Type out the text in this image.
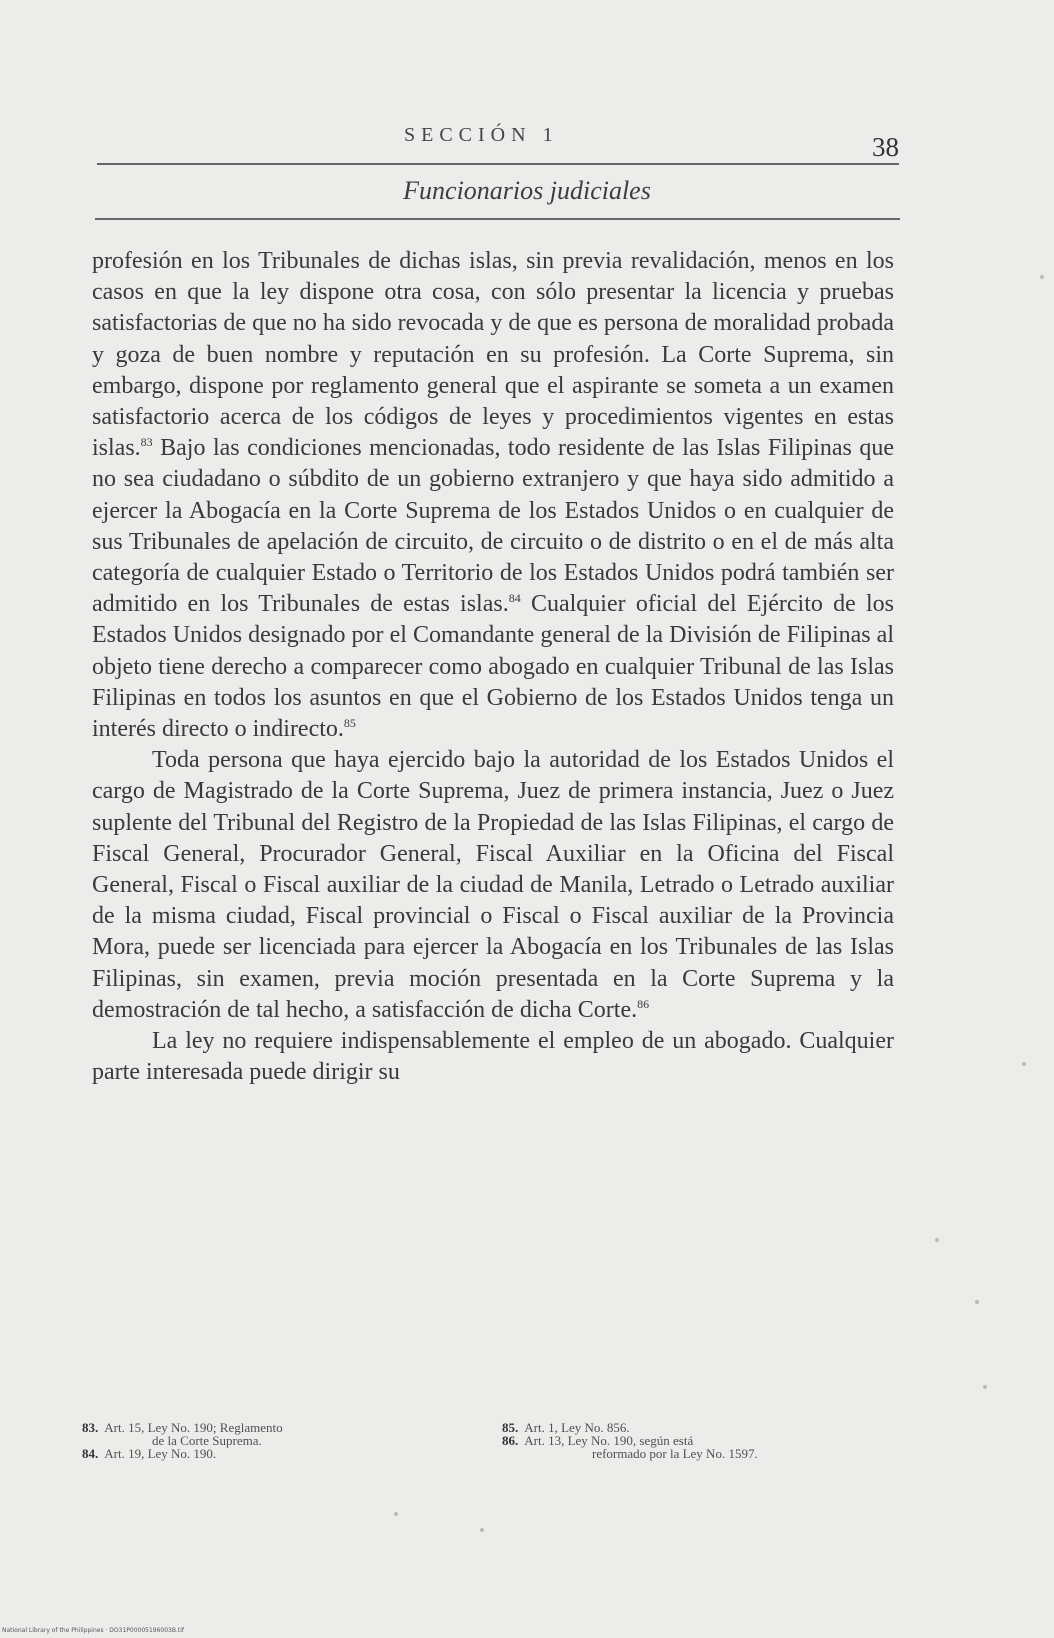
SECCIÓN 1	38
Funcionarios judiciales

profesión en los Tribunales de dichas islas, sin previa revalidación, menos en los casos en que la ley dispone otra cosa, con sólo presentar la licencia y pruebas satisfactorias de que no ha sido revocada y de que es persona de moralidad probada y goza de buen nombre y reputación en su profesión. La Corte Suprema, sin embargo, dispone por reglamento general que el aspirante se someta a un examen satisfactorio acerca de los códigos de leyes y procedimientos vigentes en estas islas.$^{83}$ Bajo las condiciones mencionadas, todo residente de las Islas Filipinas que no sea ciudadano o súbdito de un gobierno extranjero y que haya sido admitido a ejercer la Abogacía en la Corte Suprema de los Estados Unidos o en cualquier de sus Tribunales de apelación de circuito, de circuito o de distrito o en el de más alta categoría de cualquier Estado o Territorio de los Estados Unidos podrá también ser admitido en los Tribunales de estas islas.$^{84}$ Cualquier oficial del Ejército de los Estados Unidos designado por el Comandante general de la División de Filipinas al objeto tiene derecho a comparecer como abogado en cualquier Tribunal de las Islas Filipinas en todos los asuntos en que el Gobierno de los Estados Unidos tenga un interés directo o indirecto.$^{85}$

Toda persona que haya ejercido bajo la autoridad de los Estados Unidos el cargo de Magistrado de la Corte Suprema, Juez de primera instancia, Juez o Juez suplente del Tribunal del Registro de la Propiedad de las Islas Filipinas, el cargo de Fiscal General, Procurador General, Fiscal Auxiliar en la Oficina del Fiscal General, Fiscal o Fiscal auxiliar de la ciudad de Manila, Letrado o Letrado auxiliar de la misma ciudad, Fiscal provincial o Fiscal o Fiscal auxiliar de la Provincia Mora, puede ser licenciada para ejercer la Abogacía en los Tribunales de las Islas Filipinas, sin examen, previa moción presentada en la Corte Suprema y la demostración de tal hecho, a satisfacción de dicha Corte.$^{86}$

La ley no requiere indispensablemente el empleo de un abogado. Cualquier parte interesada puede dirigir su

83. Art. 15, Ley No. 190; Reglamento
de la Corte Suprema.
84. Art. 19, Ley No. 190.
85. Art. 1, Ley No. 856.
86. Art. 13, Ley No. 190, según está
reformado por la Ley No. 1597.
National Library of the Philippines · DO31P00005196003B.tif
